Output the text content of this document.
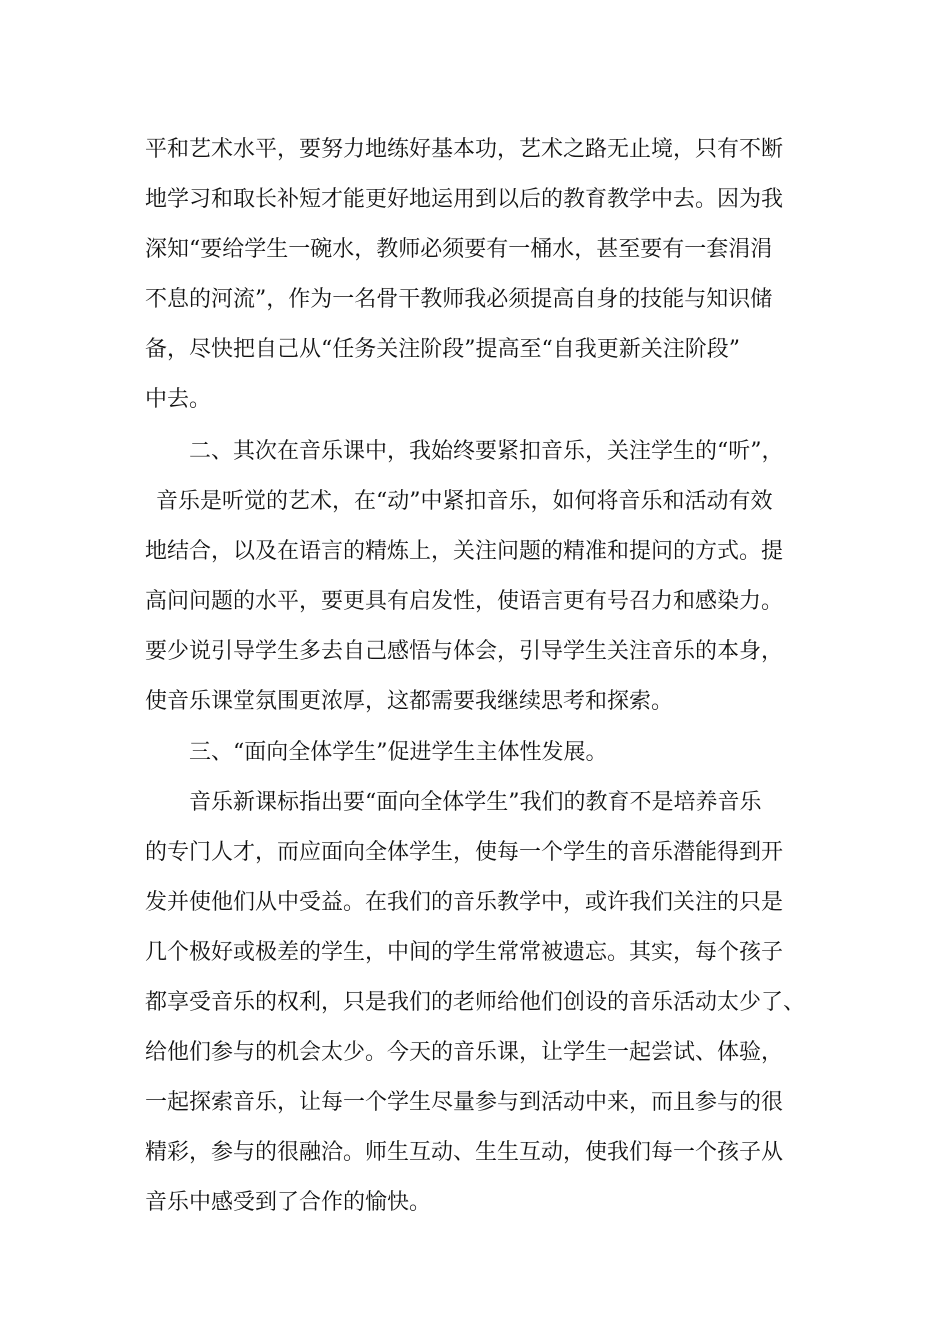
平和艺术水平，要努力地练好基本功，艺术之路无止境，只有不断
地学习和取长补短才能更好地运用到以后的教育教学中去。因为我
深知“要给学生一碗水，教师必须要有一桶水，甚至要有一套涓涓
不息的河流”，作为一名骨干教师我必须提高自身的技能与知识储
备，尽快把自己从“任务关注阶段”提高至“自我更新关注阶段”
中去。
二、其次在音乐课中，我始终要紧扣音乐，关注学生的“听”，
音乐是听觉的艺术，在“动”中紧扣音乐，如何将音乐和活动有效
地结合，以及在语言的精炼上，关注问题的精准和提问的方式。提
高问问题的水平，要更具有启发性，使语言更有号召力和感染力。
要少说引导学生多去自己感悟与体会，引导学生关注音乐的本身，
使音乐课堂氛围更浓厚，这都需要我继续思考和探索。
三、“面向全体学生”促进学生主体性发展。
音乐新课标指出要“面向全体学生”我们的教育不是培养音乐
的专门人才，而应面向全体学生，使每一个学生的音乐潜能得到开
发并使他们从中受益。在我们的音乐教学中，或许我们关注的只是
几个极好或极差的学生，中间的学生常常被遗忘。其实，每个孩子
都享受音乐的权利，只是我们的老师给他们创设的音乐活动太少了、
给他们参与的机会太少。今天的音乐课，让学生一起尝试、体验，
一起探索音乐，让每一个学生尽量参与到活动中来，而且参与的很
精彩，参与的很融洽。师生互动、生生互动，使我们每一个孩子从
音乐中感受到了合作的愉快。
